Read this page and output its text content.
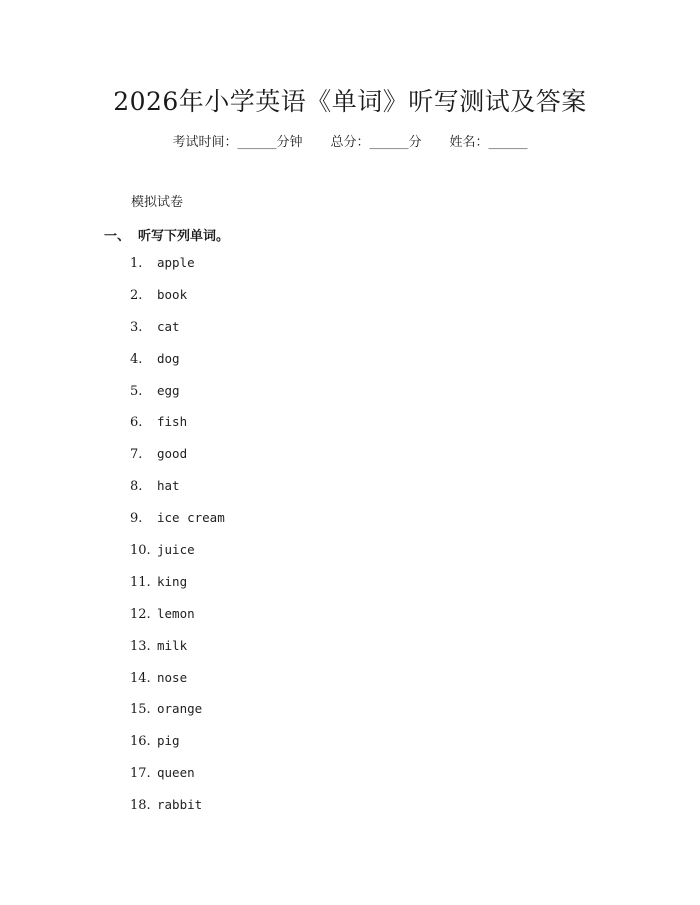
2026年小学英语《单词》听写测试及答案
考试时间：______分钟 总分：______分 姓名：______
模拟试卷
一、 听写下列单词。
1. apple
2. book
3. cat
4. dog
5. egg
6. fish
7. good
8. hat
9. ice cream
10. juice
11. king
12. lemon
13. milk
14. nose
15. orange
16. pig
17. queen
18. rabbit
